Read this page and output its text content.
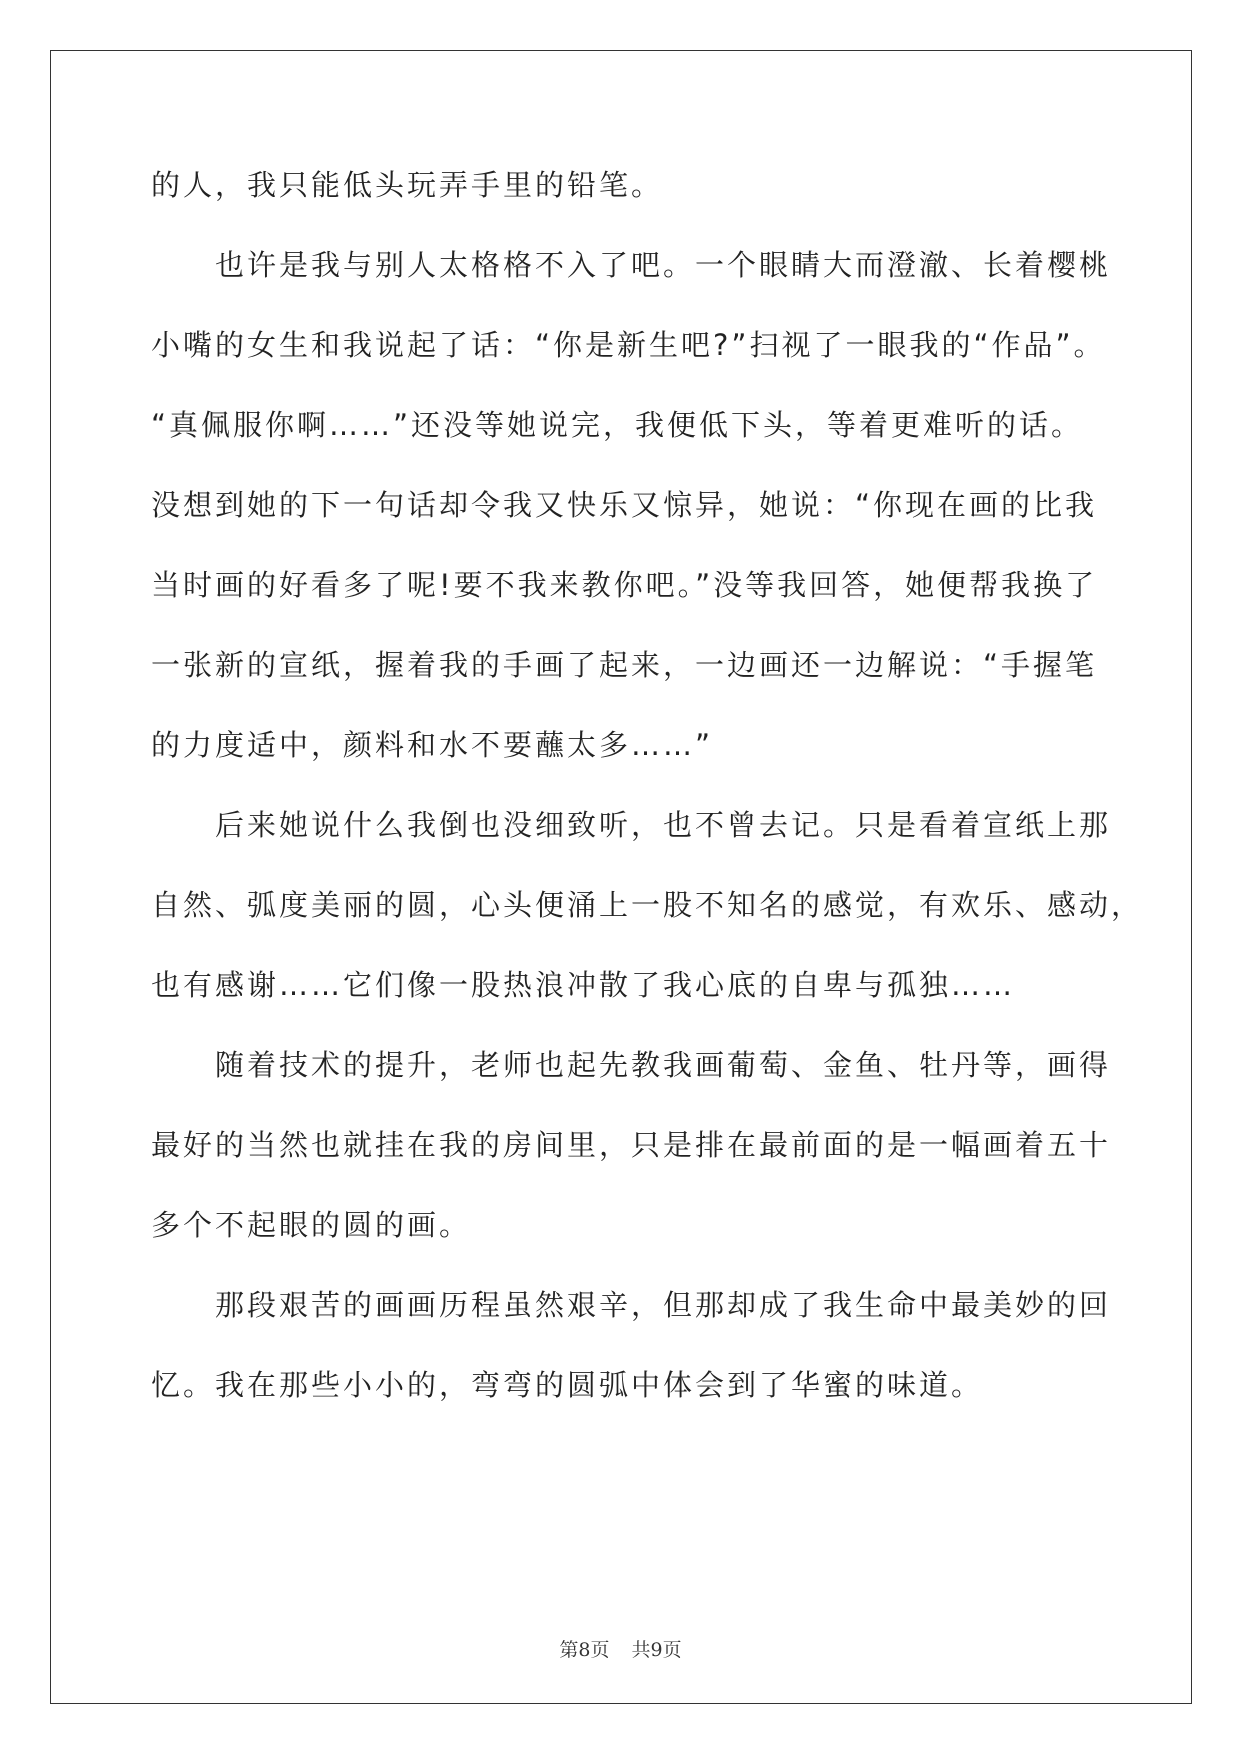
的人，我只能低头玩弄手里的铅笔。
也许是我与别人太格格不入了吧。一个眼睛大而澄澈、长着樱桃
小嘴的女生和我说起了话：“你是新生吧?”扫视了一眼我的“作品”。
“真佩服你啊……”还没等她说完，我便低下头，等着更难听的话。
没想到她的下一句话却令我又快乐又惊异，她说：“你现在画的比我
当时画的好看多了呢!要不我来教你吧。”没等我回答，她便帮我换了
一张新的宣纸，握着我的手画了起来，一边画还一边解说：“手握笔
的力度适中，颜料和水不要蘸太多……”
后来她说什么我倒也没细致听，也不曾去记。只是看着宣纸上那
自然、弧度美丽的圆，心头便涌上一股不知名的感觉，有欢乐、感动，
也有感谢……它们像一股热浪冲散了我心底的自卑与孤独……
随着技术的提升，老师也起先教我画葡萄、金鱼、牡丹等，画得
最好的当然也就挂在我的房间里，只是排在最前面的是一幅画着五十
多个不起眼的圆的画。
那段艰苦的画画历程虽然艰辛，但那却成了我生命中最美妙的回
忆。我在那些小小的，弯弯的圆弧中体会到了华蜜的味道。
第8页 共9页
